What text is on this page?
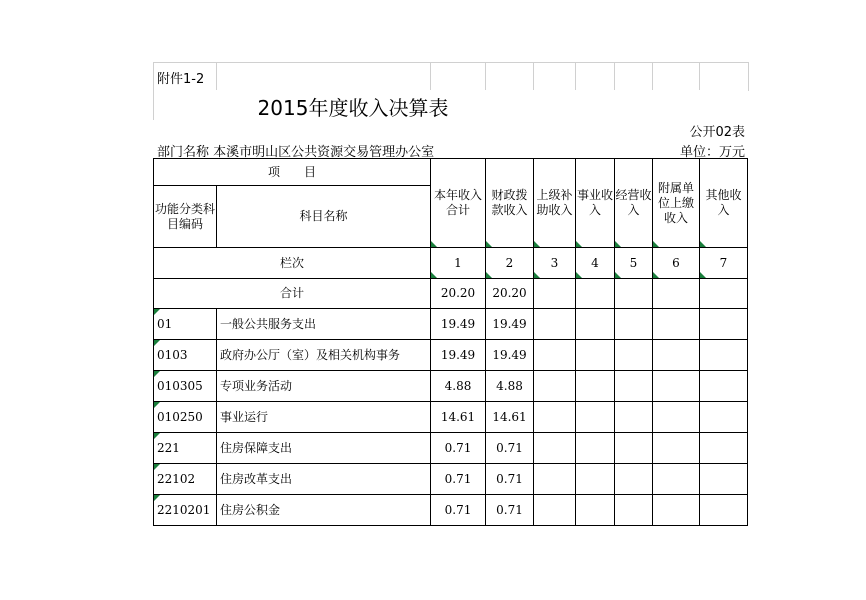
附件1-2
2015年度收入决算表
公开02表
部门名称 本溪市明山区公共资源交易管理办公室	单位：万元
项　　目		本年收入合计	财政拨款收入	上级补助收入	事业收入	经营收入	附属单位上缴收入	其他收入
功能分类科目编码	科目名称							
栏次		1	2	3	4	5	6	7
合计		20.20	20.20					
01	一般公共服务支出	19.49	19.49					
0103	政府办公厅（室）及相关机构事务	19.49	19.49					
010305	专项业务活动	4.88	4.88					
010250	事业运行	14.61	14.61					
221	住房保障支出	0.71	0.71					
22102	住房改革支出	0.71	0.71					
2210201	住房公积金	0.71	0.71					
